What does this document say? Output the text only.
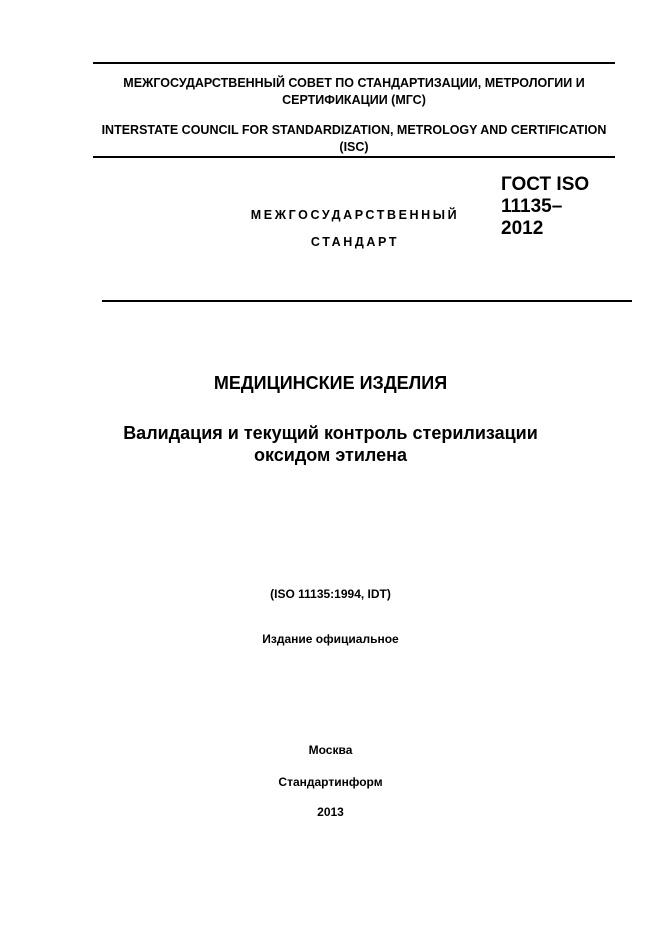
МЕЖГОСУДАРСТВЕННЫЙ СОВЕТ ПО СТАНДАРТИЗАЦИИ, МЕТРОЛОГИИ И СЕРТИФИКАЦИИ (МГС)
INTERSTATE COUNCIL FOR STANDARDIZATION, METROLOGY AND CERTIFICATION (ISC)
МЕЖГОСУДАРСТВЕННЫЙ
СТАНДАРТ
ГОСТ ISO
11135–
2012
МЕДИЦИНСКИЕ ИЗДЕЛИЯ
Валидация и текущий контроль стерилизации
оксидом этилена
(ISO 11135:1994, IDT)
Издание официальное
Москва
Стандартинформ
2013
